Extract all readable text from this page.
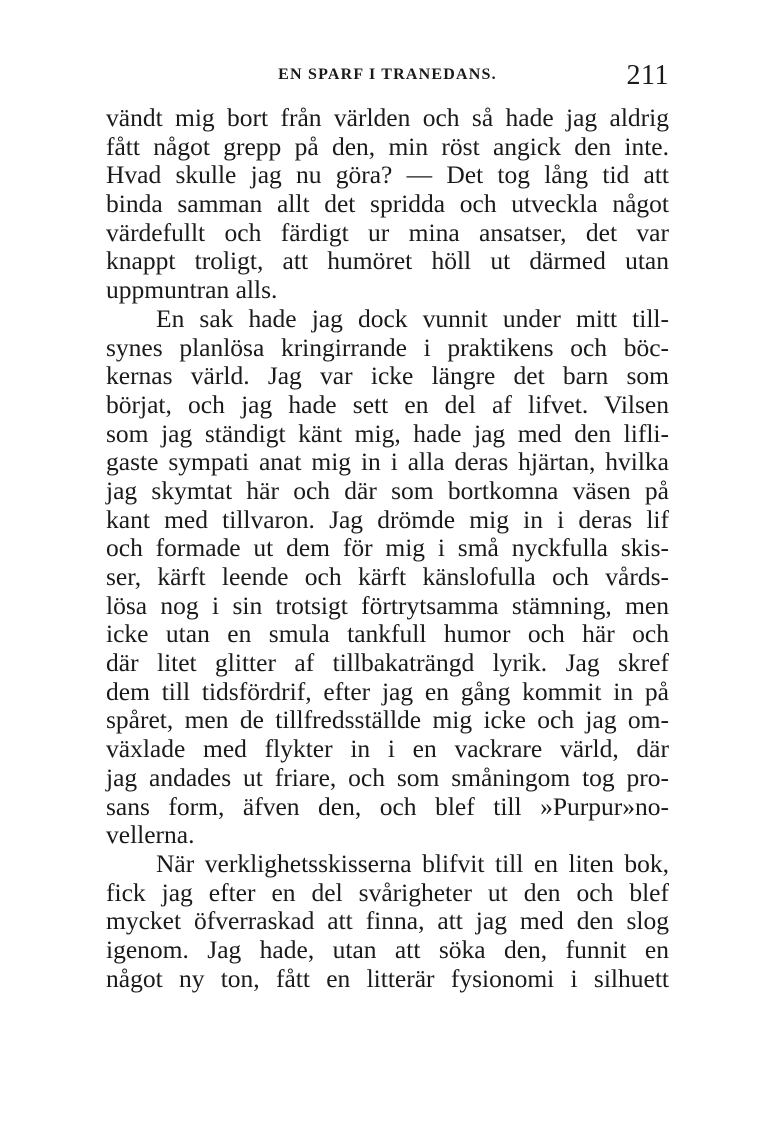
EN SPARF I TRANEDANS.	211
vändt mig bort från världen och så hade jag aldrig
fått något grepp på den, min röst angick den inte.
Hvad skulle jag nu göra? — Det tog lång tid att
binda samman allt det spridda och utveckla något
värdefullt och färdigt ur mina ansatser, det var
knappt troligt, att humöret höll ut därmed utan
uppmuntran alls.
En sak hade jag dock vunnit under mitt till-
synes planlösa kringirrande i praktikens och böc-
kernas värld. Jag var icke längre det barn som
börjat, och jag hade sett en del af lifvet. Vilsen
som jag ständigt känt mig, hade jag med den lifli-
gaste sympati anat mig in i alla deras hjärtan, hvilka
jag skymtat här och där som bortkomna väsen på
kant med tillvaron. Jag drömde mig in i deras lif
och formade ut dem för mig i små nyckfulla skis-
ser, kärft leende och kärft känslofulla och vårds-
lösa nog i sin trotsigt förtrytsamma stämning, men
icke utan en smula tankfull humor och här och
där litet glitter af tillbakaträngd lyrik. Jag skref
dem till tidsfördrif, efter jag en gång kommit in på
spåret, men de tillfredsställde mig icke och jag om-
växlade med flykter in i en vackrare värld, där
jag andades ut friare, och som småningom tog pro-
sans form, äfven den, och blef till »Purpur»no-
vellerna.
När verklighetsskisserna blifvit till en liten bok,
fick jag efter en del svårigheter ut den och blef
mycket öfverraskad att finna, att jag med den slog
igenom. Jag hade, utan att söka den, funnit en
något ny ton, fått en litterär fysionomi i silhuett
